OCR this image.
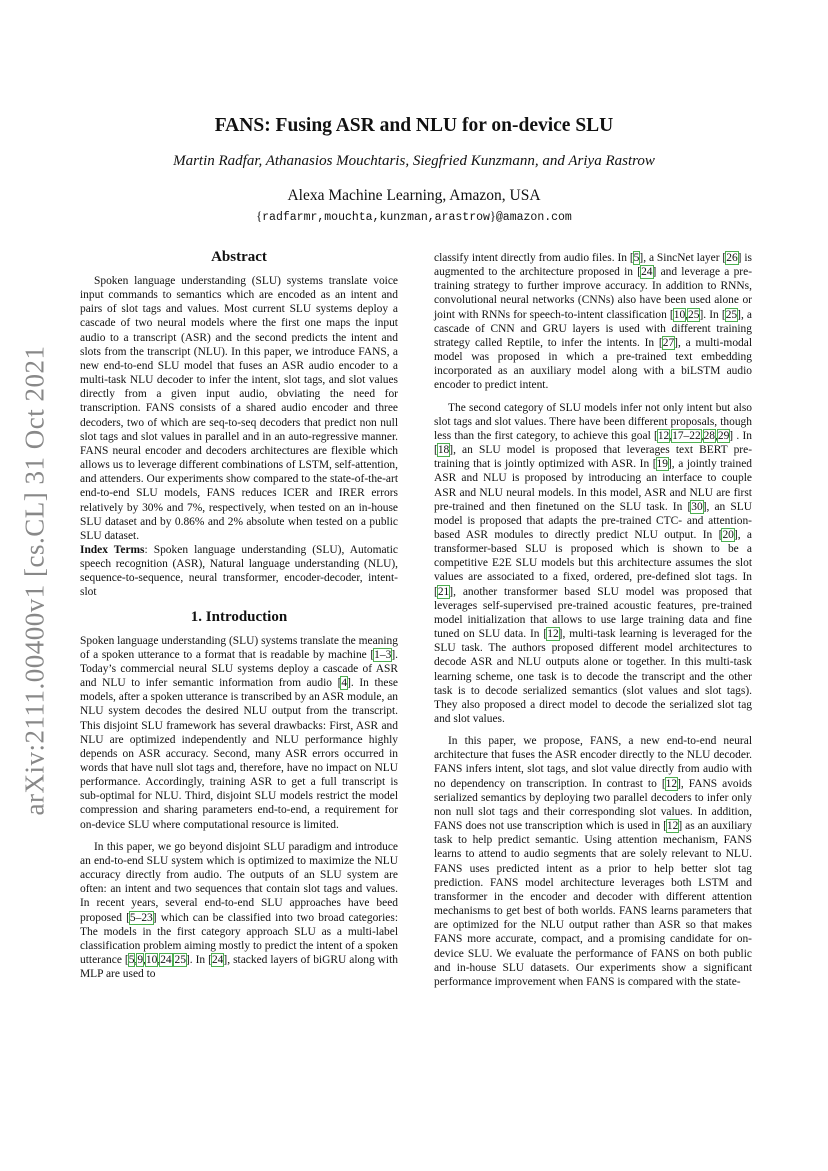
arXiv:2111.00400v1 [cs.CL] 31 Oct 2021
FANS: Fusing ASR and NLU for on-device SLU
Martin Radfar, Athanasios Mouchtaris, Siegfried Kunzmann, and Ariya Rastrow
Alexa Machine Learning, Amazon, USA
{radfarmr,mouchta,kunzman,arastrow}@amazon.com
Abstract

Spoken language understanding (SLU) systems translate voice input commands to semantics which are encoded as an intent and pairs of slot tags and values. Most current SLU systems deploy a cascade of two neural models where the first one maps the input audio to a transcript (ASR) and the second predicts the intent and slots from the transcript (NLU). In this paper, we introduce FANS, a new end-to-end SLU model that fuses an ASR audio encoder to a multi-task NLU decoder to infer the intent, slot tags, and slot values directly from a given input audio, obviating the need for transcription. FANS consists of a shared audio encoder and three decoders, two of which are seq-to-seq decoders that predict non null slot tags and slot values in parallel and in an auto-regressive manner. FANS neural encoder and decoders architectures are flexible which allows us to leverage different combinations of LSTM, self-attention, and attenders. Our experiments show compared to the state-of-the-art end-to-end SLU models, FANS reduces ICER and IRER errors relatively by 30% and 7%, respectively, when tested on an in-house SLU dataset and by 0.86% and 2% absolute when tested on a public SLU dataset.

Index Terms: Spoken language understanding (SLU), Automatic speech recognition (ASR), Natural language understanding (NLU), sequence-to-sequence, neural transformer, encoder-decoder, intent-slot

1. Introduction

Spoken language understanding (SLU) systems translate the meaning of a spoken utterance to a format that is readable by machine [1–3]. Today’s commercial neural SLU systems deploy a cascade of ASR and NLU to infer semantic information from audio [4]. In these models, after a spoken utterance is transcribed by an ASR module, an NLU system decodes the desired NLU output from the transcript. This disjoint SLU framework has several drawbacks: First, ASR and NLU are optimized independently and NLU performance highly depends on ASR accuracy. Second, many ASR errors occurred in words that have null slot tags and, therefore, have no impact on NLU performance. Accordingly, training ASR to get a full transcript is sub-optimal for NLU. Third, disjoint SLU models restrict the model compression and sharing parameters end-to-end, a requirement for on-device SLU where computational resource is limited.

In this paper, we go beyond disjoint SLU paradigm and introduce an end-to-end SLU system which is optimized to maximize the NLU accuracy directly from audio. The outputs of an SLU system are often: an intent and two sequences that contain slot tags and values. In recent years, several end-to-end SLU approaches have beed proposed [5–23] which can be classified into two broad categories: The models in the first category approach SLU as a multi-label classification problem aiming mostly to predict the intent of a spoken utterance [5,9,10,24,25]. In [24], stacked layers of biGRU along with MLP are used to

classify intent directly from audio files. In [5], a SincNet layer [26] is augmented to the architecture proposed in [24] and leverage a pre-training strategy to further improve accuracy. In addition to RNNs, convolutional neural networks (CNNs) also have been used alone or joint with RNNs for speech-to-intent classification [10,25]. In [25], a cascade of CNN and GRU layers is used with different training strategy called Reptile, to infer the intents. In [27], a multi-modal model was proposed in which a pre-trained text embedding incorporated as an auxiliary model along with a biLSTM audio encoder to predict intent.

The second category of SLU models infer not only intent but also slot tags and slot values. There have been different proposals, though less than the first category, to achieve this goal [12,17–22,28,29] . In [18], an SLU model is proposed that leverages text BERT pre-training that is jointly optimized with ASR. In [19], a jointly trained ASR and NLU is proposed by introducing an interface to couple ASR and NLU neural models. In this model, ASR and NLU are first pre-trained and then finetuned on the SLU task. In [30], an SLU model is proposed that adapts the pre-trained CTC- and attention- based ASR modules to directly predict NLU output. In [20], a transformer-based SLU is proposed which is shown to be a competitive E2E SLU models but this architecture assumes the slot values are associated to a fixed, ordered, pre-defined slot tags. In [21], another transformer based SLU model was proposed that leverages self-supervised pre-trained acoustic features, pre-trained model initialization that allows to use large training data and fine tuned on SLU data. In [12], multi-task learning is leveraged for the SLU task. The authors proposed different model architectures to decode ASR and NLU outputs alone or together. In this multi-task learning scheme, one task is to decode the transcript and the other task is to decode serialized semantics (slot values and slot tags). They also proposed a direct model to decode the serialized slot tag and slot values.

In this paper, we propose, FANS, a new end-to-end neural architecture that fuses the ASR encoder directly to the NLU decoder. FANS infers intent, slot tags, and slot value directly from audio with no dependency on transcription. In contrast to [12], FANS avoids serialized semantics by deploying two parallel decoders to infer only non null slot tags and their corresponding slot values. In addition, FANS does not use transcription which is used in [12] as an auxiliary task to help predict semantic. Using attention mechanism, FANS learns to attend to audio segments that are solely relevant to NLU. FANS uses predicted intent as a prior to help better slot tag prediction. FANS model architecture leverages both LSTM and transformer in the encoder and decoder with different attention mechanisms to get best of both worlds. FANS learns parameters that are optimized for the NLU output rather than ASR so that makes FANS more accurate, compact, and a promising candidate for on-device SLU. We evaluate the performance of FANS on both public and in-house SLU datasets. Our experiments show a significant performance improvement when FANS is compared with the state-
